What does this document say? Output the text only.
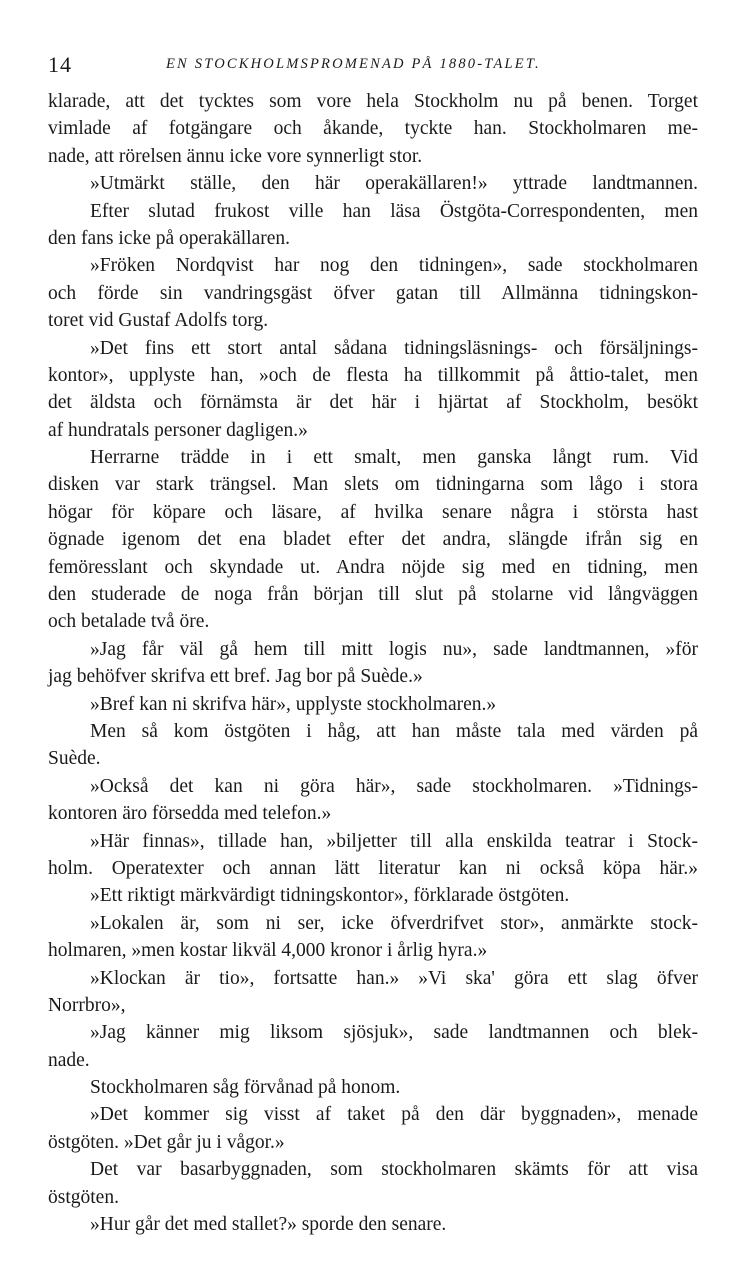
14	EN STOCKHOLMSPROMENAD PÅ 1880-TALET.
klarade, att det tycktes som vore hela Stockholm nu på benen. Torget
vimlade af fotgängare och åkande, tyckte han. Stockholmaren me-
nade, att rörelsen ännu icke vore synnerligt stor.
»Utmärkt ställe, den här operakällaren!» yttrade landtmannen.
Efter slutad frukost ville han läsa Östgöta-Correspondenten, men
den fans icke på operakällaren.
»Fröken Nordqvist har nog den tidningen», sade stockholmaren
och förde sin vandringsgäst öfver gatan till Allmänna tidningskon-
toret vid Gustaf Adolfs torg.
»Det fins ett stort antal sådana tidningsläsnings- och försäljnings-
kontor», upplyste han, »och de flesta ha tillkommit på åttio-talet, men
det äldsta och förnämsta är det här i hjärtat af Stockholm, besökt
af hundratals personer dagligen.»
Herrarne trädde in i ett smalt, men ganska långt rum. Vid
disken var stark trängsel. Man slets om tidningarna som lågo i stora
högar för köpare och läsare, af hvilka senare några i största hast
ögnade igenom det ena bladet efter det andra, slängde ifrån sig en
femöresslant och skyndade ut. Andra nöjde sig med en tidning, men
den studerade de noga från början till slut på stolarne vid långväggen
och betalade två öre.
»Jag får väl gå hem till mitt logis nu», sade landtmannen, »för
jag behöfver skrifva ett bref. Jag bor på Suède.»
»Bref kan ni skrifva här», upplyste stockholmaren.»
Men så kom östgöten i håg, att han måste tala med värden på
Suède.
»Också det kan ni göra här», sade stockholmaren. »Tidnings-
kontoren äro försedda med telefon.»
»Här finnas», tillade han, »biljetter till alla enskilda teatrar i Stock-
holm. Operatexter och annan lätt literatur kan ni också köpa här.»
»Ett riktigt märkvärdigt tidningskontor», förklarade östgöten.
»Lokalen är, som ni ser, icke öfverdrifvet stor», anmärkte stock-
holmaren, »men kostar likväl 4,000 kronor i årlig hyra.»
»Klockan är tio», fortsatte han.» »Vi ska' göra ett slag öfver
Norrbro»,
»Jag känner mig liksom sjösjuk», sade landtmannen och blek-
nade.
Stockholmaren såg förvånad på honom.
»Det kommer sig visst af taket på den där byggnaden», menade
östgöten. »Det går ju i vågor.»
Det var basarbyggnaden, som stockholmaren skämts för att visa
östgöten.
»Hur går det med stallet?» sporde den senare.
